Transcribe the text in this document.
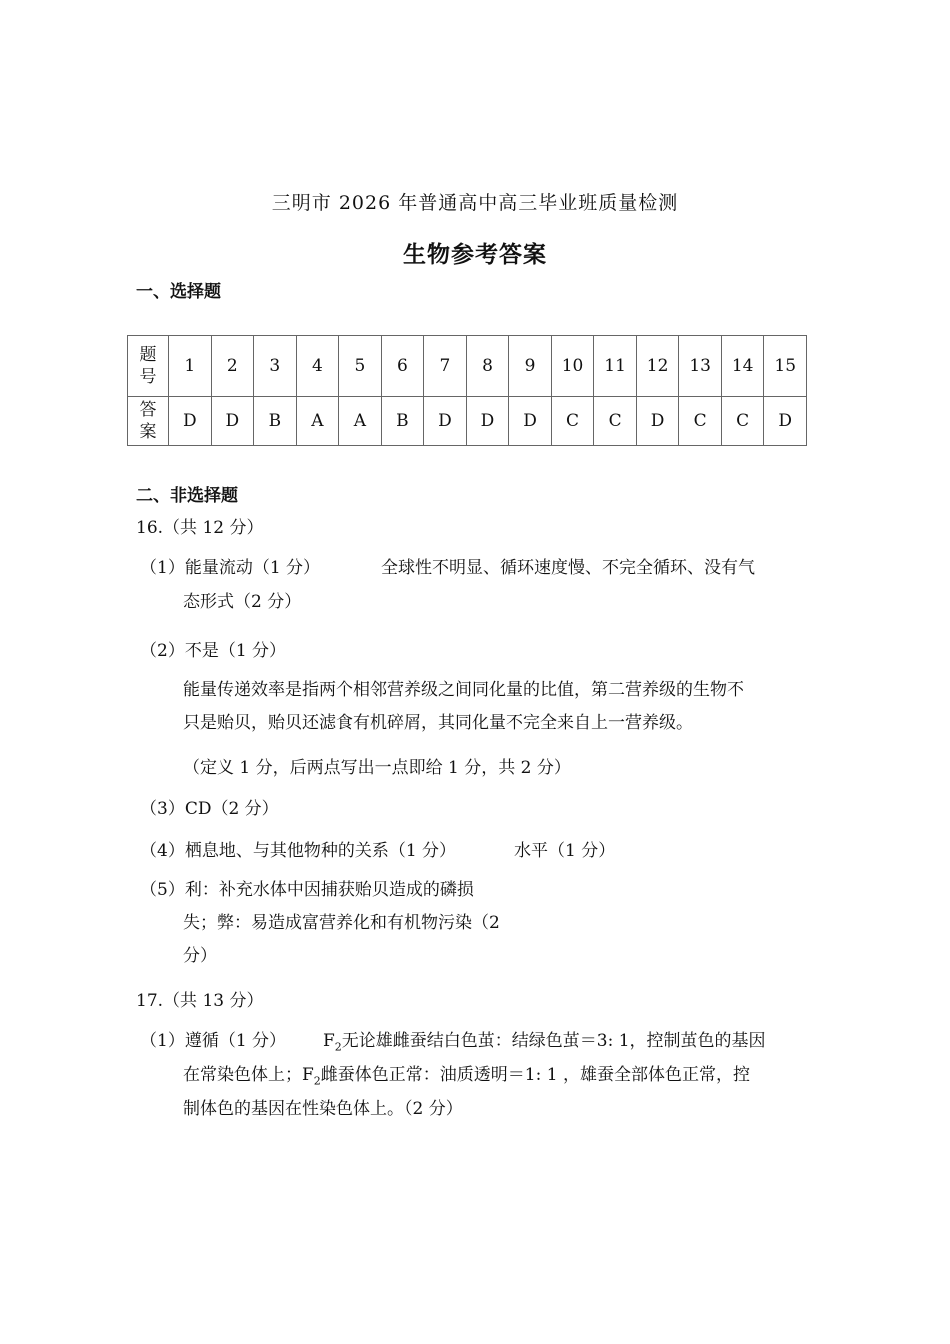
三明市 2026 年普通高中高三毕业班质量检测
生物参考答案
一、选择题
题
号	1	2	3	4	5	6	7	8	9	10	11	12	13	14	15
答
案	D	D	B	A	A	B	D	D	D	C	C	D	C	C	D
二、非选择题
16.（共 12 分）
（1）能量流动（1 分）	全球性不明显、循环速度慢、不完全循环、没有气
态形式（2 分）
（2）不是（1 分）
能量传递效率是指两个相邻营养级之间同化量的比值，第二营养级的生物不
只是贻贝，贻贝还滤食有机碎屑，其同化量不完全来自上一营养级。
（定义 1 分，后两点写出一点即给 1 分，共 2 分）
（3）CD（2 分）
（4）栖息地、与其他物种的关系（1 分）	水平（1 分）
（5）利：补充水体中因捕获贻贝造成的磷损
失；弊：易造成富营养化和有机物污染（2
分）
17.（共 13 分）
（1）遵循（1 分） $F_2$无论雄雌蚕结白色茧：结绿色茧＝3: 1，控制茧色的基因
在常染色体上；$F_2$雌蚕体色正常：油质透明＝1: 1 ，雄蚕全部体色正常，控
制体色的基因在性染色体上。（2 分）
